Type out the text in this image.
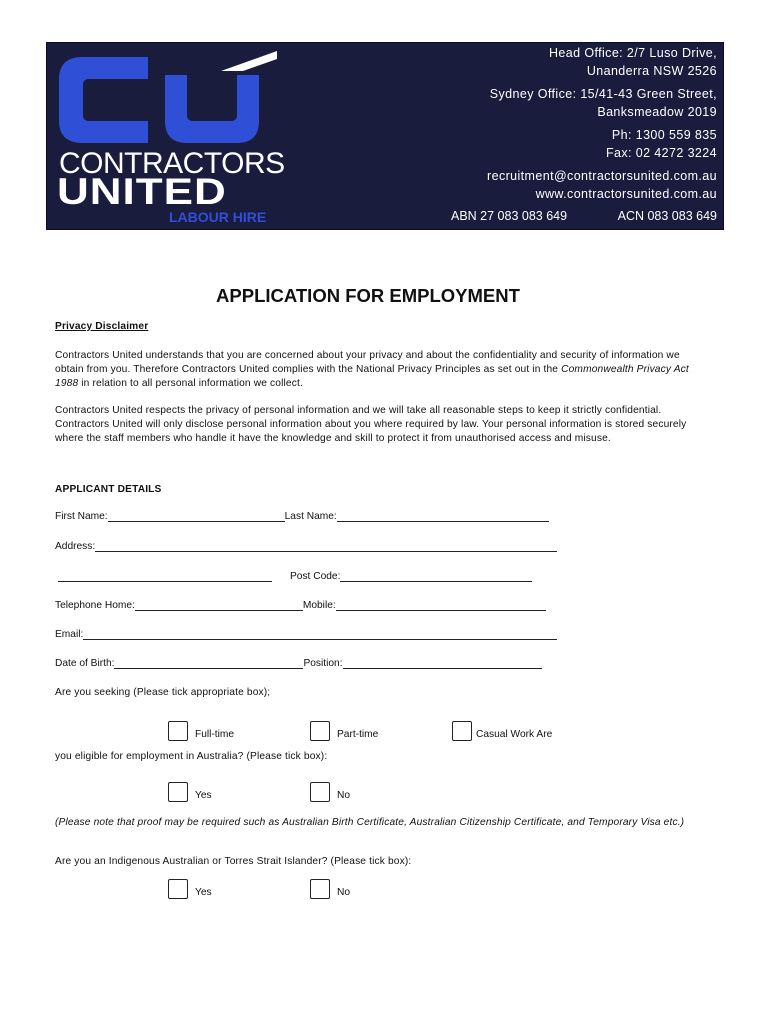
CONTRACTORS
UNITED
LABOUR HIRE
Head Office: 2/7 Luso Drive,
Unanderra NSW 2526
Sydney Office: 15/41-43 Green Street,
Banksmeadow 2019
Ph: 1300 559 835
Fax: 02 4272 3224
recruitment@contractorsunited.com.au
www.contractorsunited.com.au
ABN 27 083 083 649	ACN 083 083 649
APPLICATION FOR EMPLOYMENT
Privacy Disclaimer
Contractors United understands that you are concerned about your privacy and about the confidentiality and security of information we obtain from you. Therefore Contractors United complies with the National Privacy Principles as set out in the Commonwealth Privacy Act 1988 in relation to all personal information we collect.
Contractors United respects the privacy of personal information and we will take all reasonable steps to keep it strictly confidential. Contractors United will only disclose personal information about you where required by law. Your personal information is stored securely where the staff members who handle it have the knowledge and skill to protect it from unauthorised access and misuse.
APPLICANT DETAILS
First Name:	Last Name:
Address:
Post Code:
Telephone Home:	Mobile:
Email:
Date of Birth:	Position:
Are you seeking (Please tick appropriate box);
Full-time	Part-time	Casual Work Are
you eligible for employment in Australia? (Please tick box):
Yes	No
(Please note that proof may be required such as Australian Birth Certificate, Australian Citizenship Certificate, and Temporary Visa etc.)
Are you an Indigenous Australian or Torres Strait Islander? (Please tick box):
Yes	No
